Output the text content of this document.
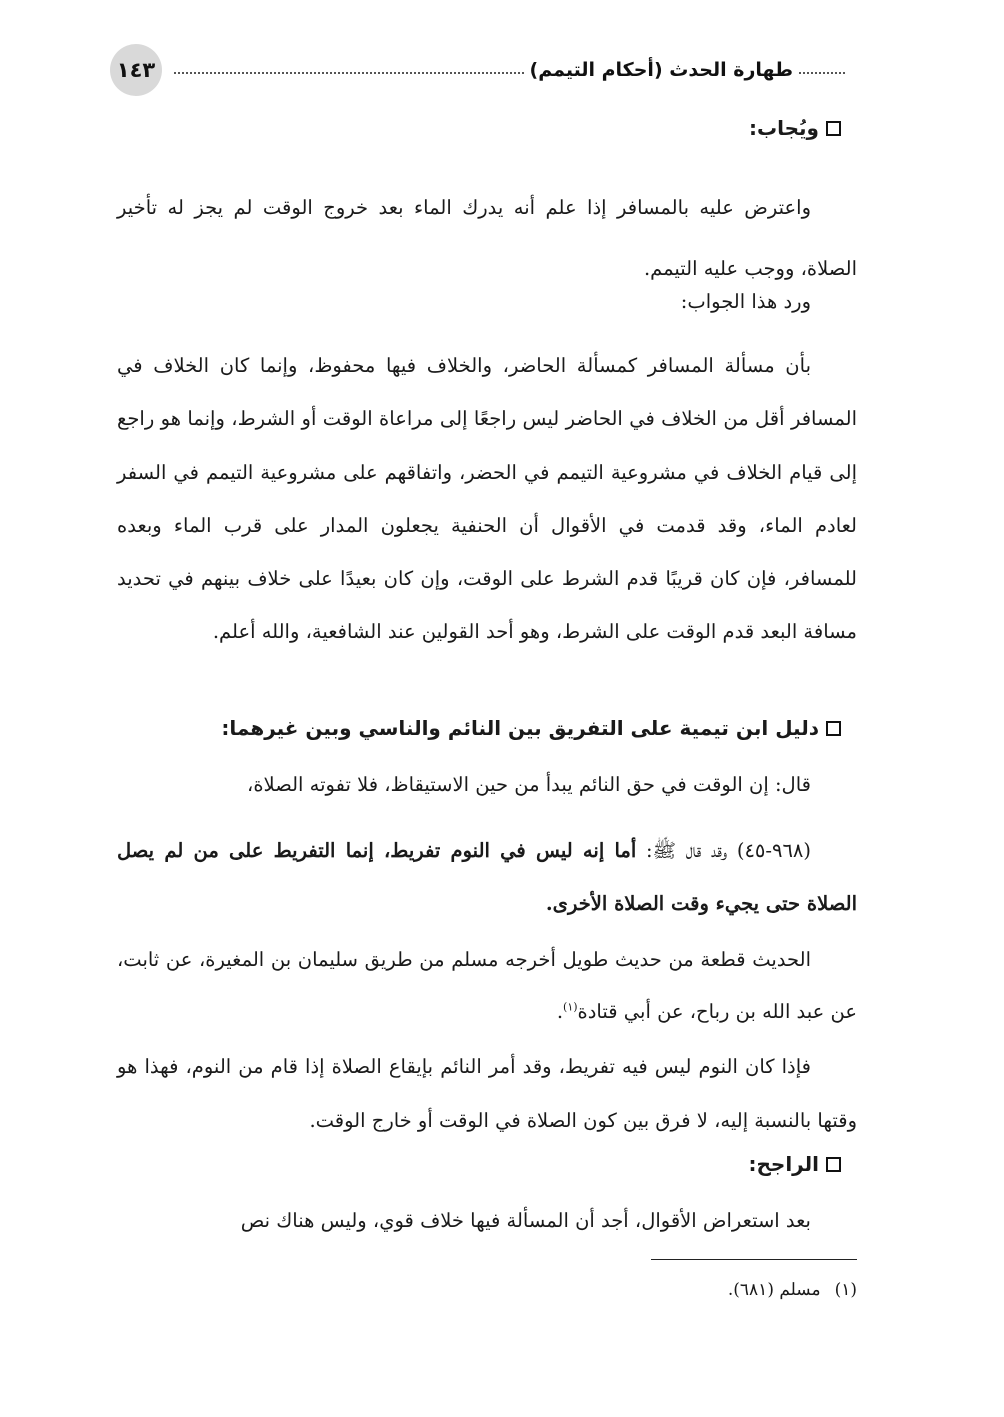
١٤٣	طهارة الحدث (أحكام التيمم)
ويُجاب:
واعترض عليه بالمسافر إذا علم أنه يدرك الماء بعد خروج الوقت لم يجز له تأخير الصلاة، ووجب عليه التيمم.
ورد هذا الجواب:
بأن مسألة المسافر كمسألة الحاضر، والخلاف فيها محفوظ، وإنما كان الخلاف في المسافر أقل من الخلاف في الحاضر ليس راجعًا إلى مراعاة الوقت أو الشرط، وإنما هو راجع إلى قيام الخلاف في مشروعية التيمم في الحضر، واتفاقهم على مشروعية التيمم في السفر لعادم الماء، وقد قدمت في الأقوال أن الحنفية يجعلون المدار على قرب الماء وبعده للمسافر، فإن كان قريبًا قدم الشرط على الوقت، وإن كان بعيدًا على خلاف بينهم في تحديد مسافة البعد قدم الوقت على الشرط، وهو أحد القولين عند الشافعية، والله أعلم.
دليل ابن تيمية على التفريق بين النائم والناسي وبين غيرهما:
قال: إن الوقت في حق النائم يبدأ من حين الاستيقاظ، فلا تفوته الصلاة،
(٩٦٨-٤٥) وقد قال ﷺ: أما إنه ليس في النوم تفريط، إنما التفريط على من لم يصل الصلاة حتى يجيء وقت الصلاة الأخرى.
الحديث قطعة من حديث طويل أخرجه مسلم من طريق سليمان بن المغيرة، عن ثابت، عن عبد الله بن رباح، عن أبي قتادة$^{(١)}$.
فإذا كان النوم ليس فيه تفريط، وقد أمر النائم بإيقاع الصلاة إذا قام من النوم، فهذا هو وقتها بالنسبة إليه، لا فرق بين كون الصلاة في الوقت أو خارج الوقت.
الراجح:
بعد استعراض الأقوال، أجد أن المسألة فيها خلاف قوي، وليس هناك نص
(١)مسلم (٦٨١).
